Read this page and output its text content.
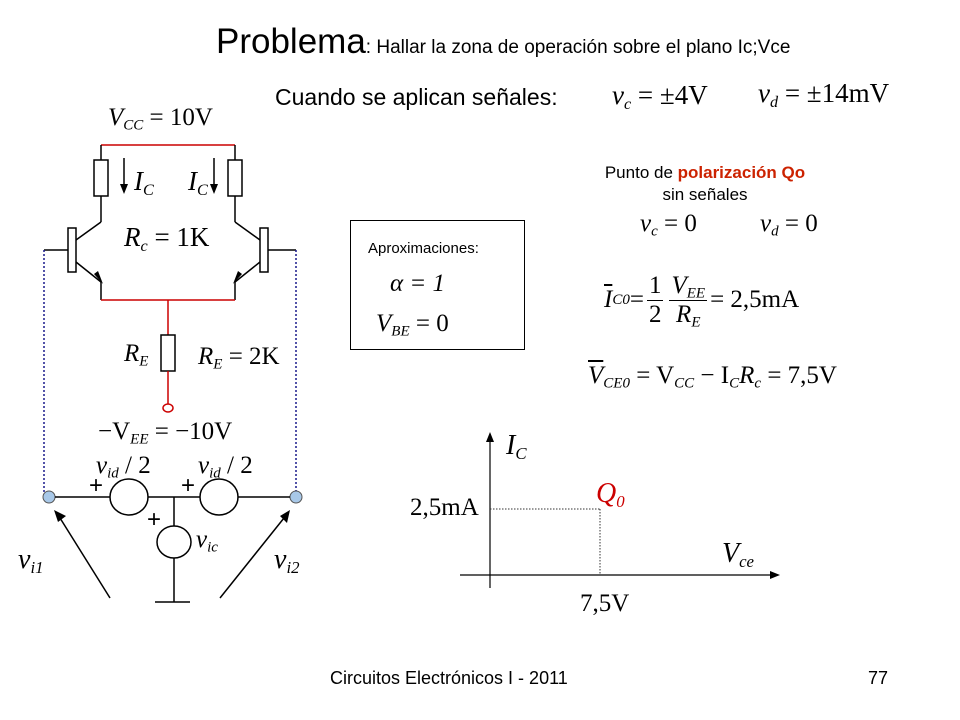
Problema: Hallar la zona de operación sobre el plano Ic;Vce
Cuando se aplican señales: $v_c = \pm 4V$ $v_d = \pm 14mV$
Punto de polarización Qo
sin señales
$v_c = 0$	$v_d = 0$
$\overline{I}$ $C0 = \frac{1}{2} \frac{V_{EE}}{R_E} = 2,5mA$
$\overline{V}_{CE0} = V_{CC} - I_CR_c = 7,5V$
Aproximaciones:
α = 1
$V_{BE} = 0$
$V_{CC} = 10V$
$I_C$ $I_C$
$R_c = 1K$
$R_E$ $R_E = 2K$
$-V_{EE} = -10V$
$v_{id} / 2$ $v_{id} / 2$
+	+
+
$v_{ic}$
$v_{i1}$	$v_{i2}$
$I_C$
$V_{ce}$
$Q_0$
2,5mA
7,5V
Circuitos Electrónicos I - 2011	77
